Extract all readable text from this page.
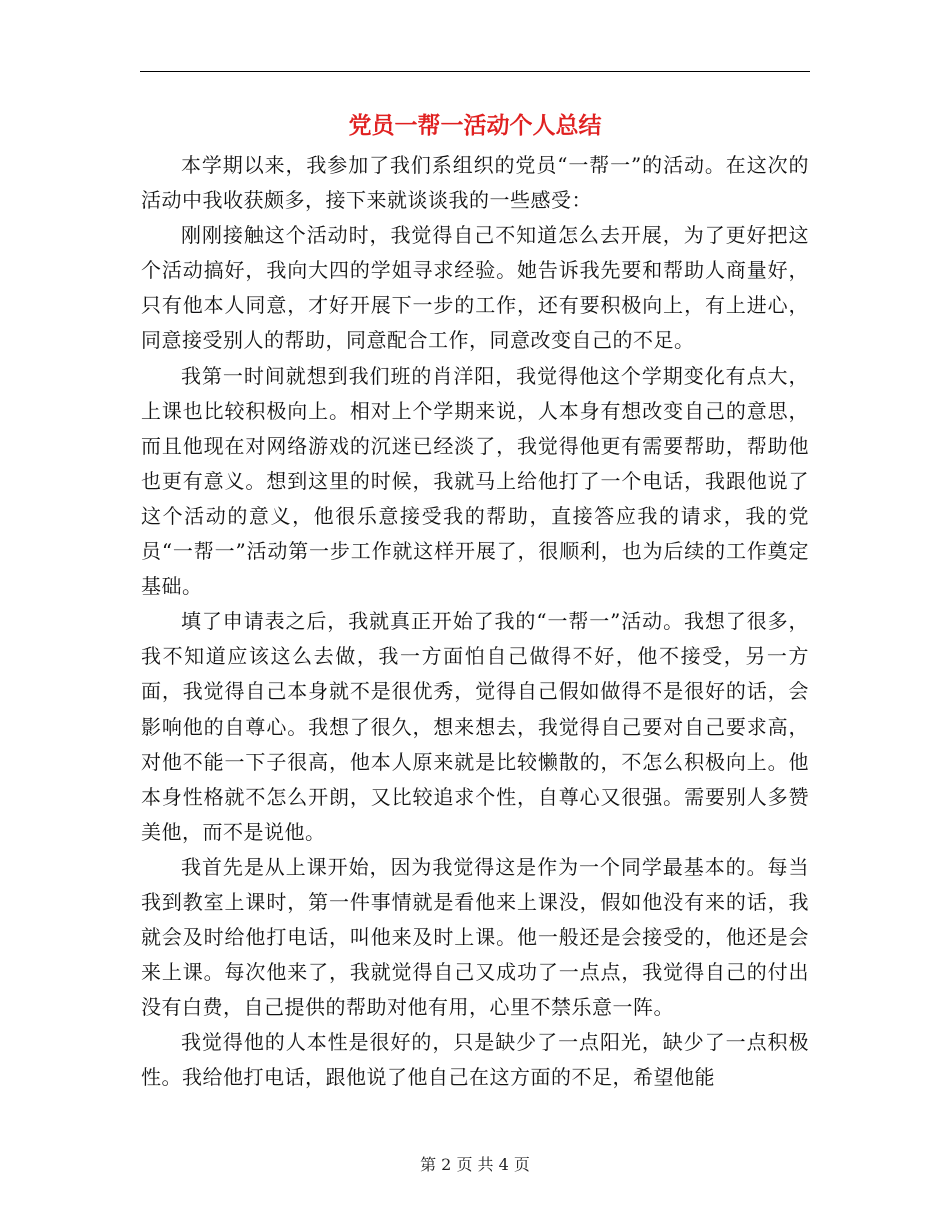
党员一帮一活动个人总结

本学期以来，我参加了我们系组织的党员“一帮一”的活动。在这次的活动中我收获颇多，接下来就谈谈我的一些感受：

刚刚接触这个活动时，我觉得自己不知道怎么去开展，为了更好把这个活动搞好，我向大四的学姐寻求经验。她告诉我先要和帮助人商量好，只有他本人同意，才好开展下一步的工作，还有要积极向上，有上进心，同意接受别人的帮助，同意配合工作，同意改变自己的不足。

我第一时间就想到我们班的肖洋阳，我觉得他这个学期变化有点大，上课也比较积极向上。相对上个学期来说，人本身有想改变自己的意思，而且他现在对网络游戏的沉迷已经淡了，我觉得他更有需要帮助，帮助他也更有意义。想到这里的时候，我就马上给他打了一个电话，我跟他说了这个活动的意义，他很乐意接受我的帮助，直接答应我的请求，我的党员“一帮一”活动第一步工作就这样开展了，很顺利，也为后续的工作奠定基础。

填了申请表之后，我就真正开始了我的“一帮一”活动。我想了很多，我不知道应该这么去做，我一方面怕自己做得不好，他不接受，另一方面，我觉得自己本身就不是很优秀，觉得自己假如做得不是很好的话，会影响他的自尊心。我想了很久，想来想去，我觉得自己要对自己要求高，对他不能一下子很高，他本人原来就是比较懒散的，不怎么积极向上。他本身性格就不怎么开朗，又比较追求个性，自尊心又很强。需要别人多赞美他，而不是说他。

我首先是从上课开始，因为我觉得这是作为一个同学最基本的。每当我到教室上课时，第一件事情就是看他来上课没，假如他没有来的话，我就会及时给他打电话，叫他来及时上课。他一般还是会接受的，他还是会来上课。每次他来了，我就觉得自己又成功了一点点，我觉得自己的付出没有白费，自己提供的帮助对他有用，心里不禁乐意一阵。

我觉得他的人本性是很好的，只是缺少了一点阳光，缺少了一点积极性。我给他打电话，跟他说了他自己在这方面的不足，希望他能

第 2 页 共 4 页
